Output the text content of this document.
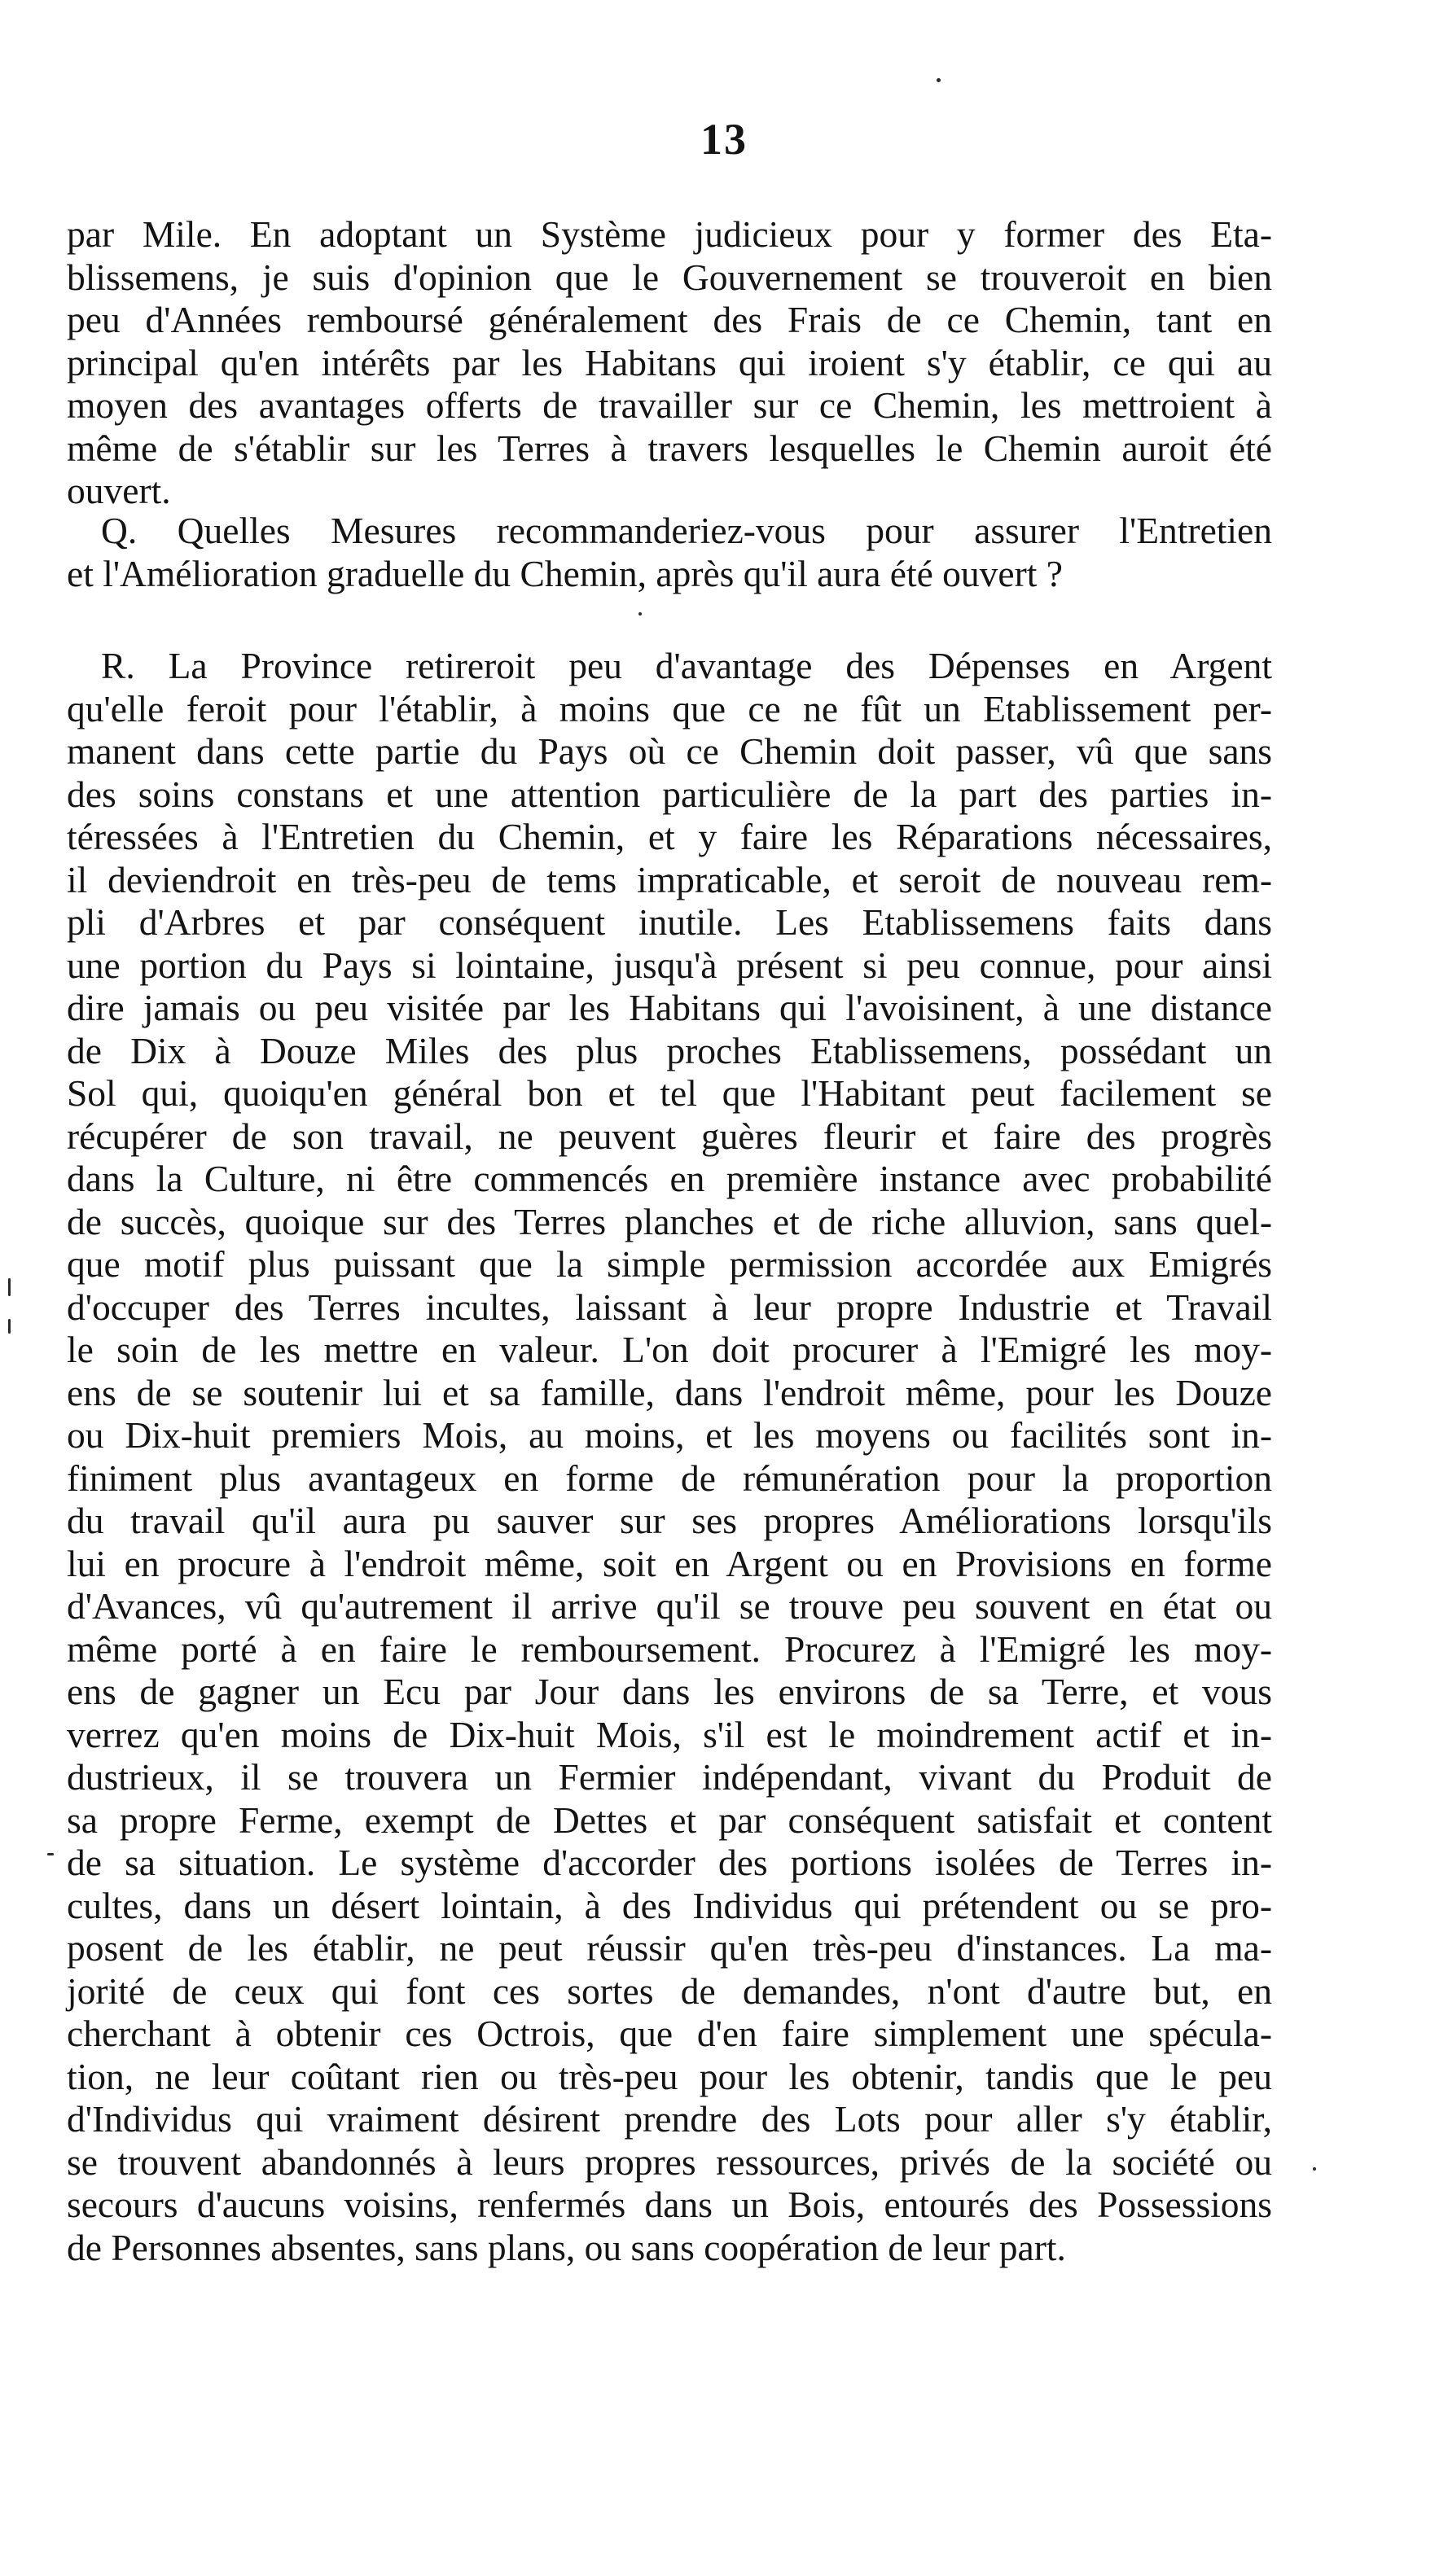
13
par Mile. En adoptant un Système judicieux pour y former des Eta-
blissemens, je suis d'opinion que le Gouvernement se trouveroit en bien
peu d'Années remboursé généralement des Frais de ce Chemin, tant en
principal qu'en intérêts par les Habitans qui iroient s'y établir, ce qui au
moyen des avantages offerts de travailler sur ce Chemin, les mettroient à
même de s'établir sur les Terres à travers lesquelles le Chemin auroit été
ouvert.
Q. Quelles Mesures recommanderiez-vous pour assurer l'Entretien
et l'Amélioration graduelle du Chemin, après qu'il aura été ouvert ?
R. La Province retireroit peu d'avantage des Dépenses en Argent
qu'elle feroit pour l'établir, à moins que ce ne fût un Etablissement per-
manent dans cette partie du Pays où ce Chemin doit passer, vû que sans
des soins constans et une attention particulière de la part des parties in-
téressées à l'Entretien du Chemin, et y faire les Réparations nécessaires,
il deviendroit en très-peu de tems impraticable, et seroit de nouveau rem-
pli d'Arbres et par conséquent inutile. Les Etablissemens faits dans
une portion du Pays si lointaine, jusqu'à présent si peu connue, pour ainsi
dire jamais ou peu visitée par les Habitans qui l'avoisinent, à une distance
de Dix à Douze Miles des plus proches Etablissemens, possédant un
Sol qui, quoiqu'en général bon et tel que l'Habitant peut facilement se
récupérer de son travail, ne peuvent guères fleurir et faire des progrès
dans la Culture, ni être commencés en première instance avec probabilité
de succès, quoique sur des Terres planches et de riche alluvion, sans quel-
que motif plus puissant que la simple permission accordée aux Emigrés
d'occuper des Terres incultes, laissant à leur propre Industrie et Travail
le soin de les mettre en valeur. L'on doit procurer à l'Emigré les moy-
ens de se soutenir lui et sa famille, dans l'endroit même, pour les Douze
ou Dix-huit premiers Mois, au moins, et les moyens ou facilités sont in-
finiment plus avantageux en forme de rémunération pour la proportion
du travail qu'il aura pu sauver sur ses propres Améliorations lorsqu'ils
lui en procure à l'endroit même, soit en Argent ou en Provisions en forme
d'Avances, vû qu'autrement il arrive qu'il se trouve peu souvent en état ou
même porté à en faire le remboursement. Procurez à l'Emigré les moy-
ens de gagner un Ecu par Jour dans les environs de sa Terre, et vous
verrez qu'en moins de Dix-huit Mois, s'il est le moindrement actif et in-
dustrieux, il se trouvera un Fermier indépendant, vivant du Produit de
sa propre Ferme, exempt de Dettes et par conséquent satisfait et content
de sa situation. Le système d'accorder des portions isolées de Terres in-
cultes, dans un désert lointain, à des Individus qui prétendent ou se pro-
posent de les établir, ne peut réussir qu'en très-peu d'instances. La ma-
jorité de ceux qui font ces sortes de demandes, n'ont d'autre but, en
cherchant à obtenir ces Octrois, que d'en faire simplement une spécula-
tion, ne leur coûtant rien ou très-peu pour les obtenir, tandis que le peu
d'Individus qui vraiment désirent prendre des Lots pour aller s'y établir,
se trouvent abandonnés à leurs propres ressources, privés de la société ou
secours d'aucuns voisins, renfermés dans un Bois, entourés des Possessions
de Personnes absentes, sans plans, ou sans coopération de leur part.
